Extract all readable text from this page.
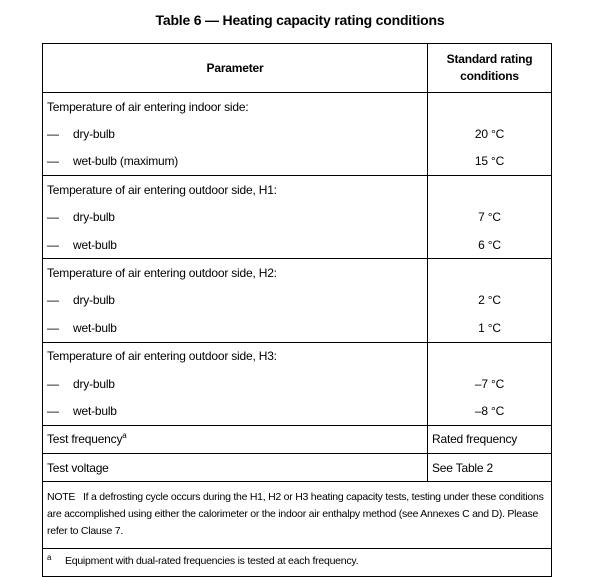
Table 6 — Heating capacity rating conditions
Parameter	Standard rating conditions
Temperature of air entering indoor side:	
— dry-bulb	20 °C
— wet-bulb (maximum)	15 °C
Temperature of air entering outdoor side, H1:	
— dry-bulb	7 °C
— wet-bulb	6 °C
Temperature of air entering outdoor side, H2:	
— dry-bulb	2 °C
— wet-bulb	1 °C
Temperature of air entering outdoor side, H3:	
— dry-bulb	–7 °C
— wet-bulb	–8 °C
Test frequency$^a$	Rated frequency
Test voltage	See Table 2
NOTE If a defrosting cycle occurs during the H1, H2 or H3 heating capacity tests, testing under these conditions are accomplished using either the calorimeter or the indoor air enthalpy method (see Annexes C and D). Please refer to Clause 7.	
$^a$ Equipment with dual-rated frequencies is tested at each frequency.	
